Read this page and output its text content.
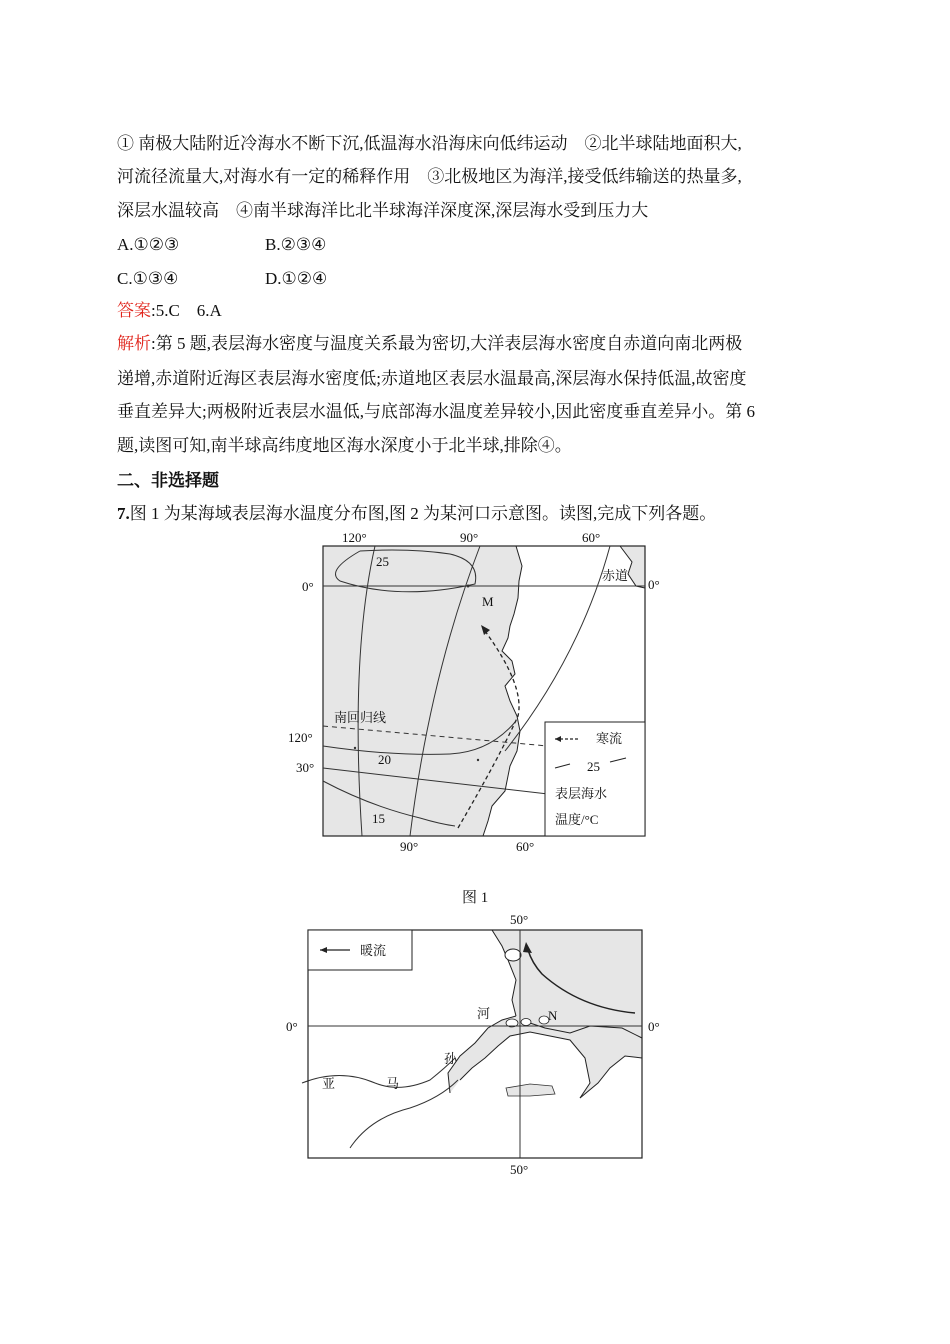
① 南极大陆附近冷海水不断下沉,低温海水沿海床向低纬运动　②北半球陆地面积大,
河流径流量大,对海水有一定的稀释作用　③北极地区为海洋,接受低纬输送的热量多,
深层水温较高　④南半球海洋比北半球海洋深度深,深层海水受到压力大
A.①②③	B.②③④
C.①③④	D.①②④
答案:5.C　6.A
解析:第 5 题,表层海水密度与温度关系最为密切,大洋表层海水密度自赤道向南北两极
递增,赤道附近海区表层海水密度低;赤道地区表层水温最高,深层海水保持低温,故密度
垂直差异大;两极附近表层水温低,与底部海水温度差异较小,因此密度垂直差异小。第 6
题,读图可知,南半球高纬度地区海水深度小于北半球,排除④。
二、非选择题
7.图 1 为某海域表层海水温度分布图,图 2 为某河口示意图。读图,完成下列各题。
120°	90°	60°
90°	60°
0°
120°
30°
0°
赤道
南回归线
M
25
20
15
寒流
25
表层海水
温度/°C
图 1
暖流
50°
50°
0°	0°
亚	马
孙
河	N
